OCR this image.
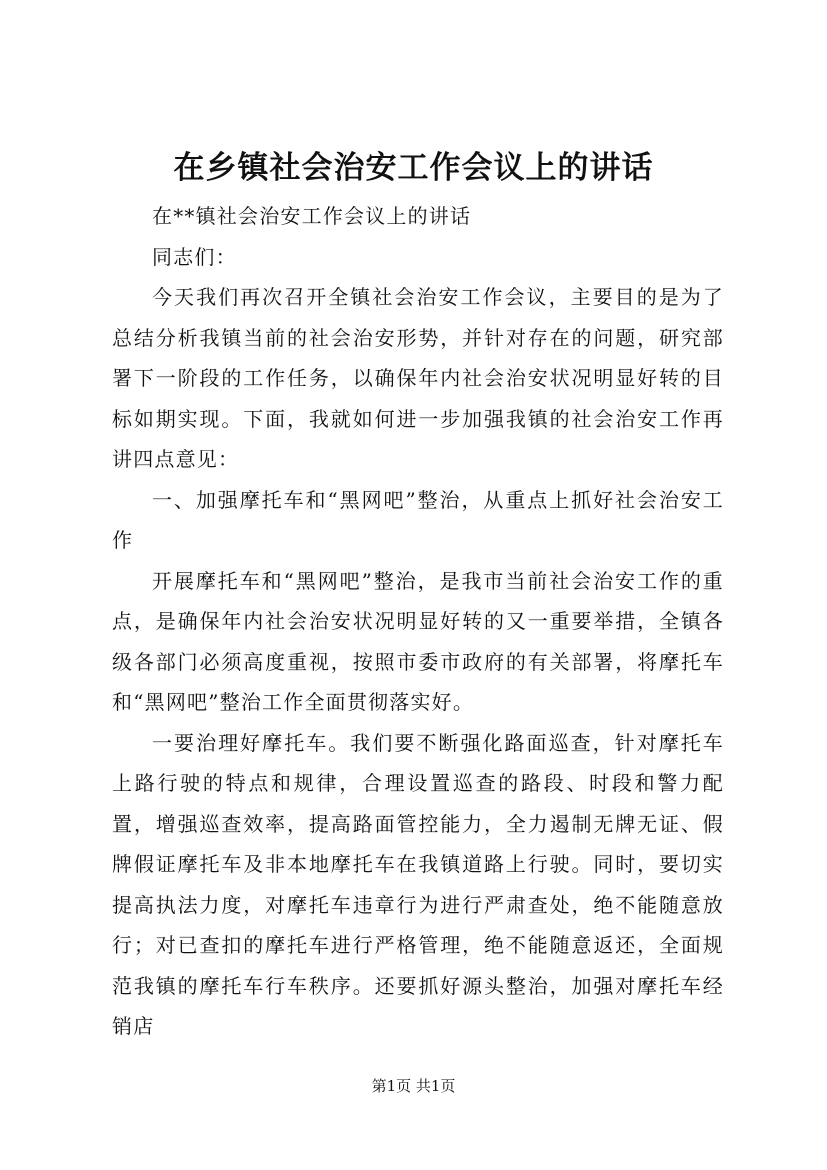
在乡镇社会治安工作会议上的讲话

在**镇社会治安工作会议上的讲话

同志们：

今天我们再次召开全镇社会治安工作会议，主要目的是为了总结分析我镇当前的社会治安形势，并针对存在的问题，研究部署下一阶段的工作任务，以确保年内社会治安状况明显好转的目标如期实现。下面，我就如何进一步加强我镇的社会治安工作再讲四点意见：

一、加强摩托车和“黑网吧”整治，从重点上抓好社会治安工作

开展摩托车和“黑网吧”整治，是我市当前社会治安工作的重点，是确保年内社会治安状况明显好转的又一重要举措，全镇各级各部门必须高度重视，按照市委市政府的有关部署，将摩托车和“黑网吧”整治工作全面贯彻落实好。

一要治理好摩托车。我们要不断强化路面巡查，针对摩托车上路行驶的特点和规律，合理设置巡查的路段、时段和警力配置，增强巡查效率，提高路面管控能力，全力遏制无牌无证、假牌假证摩托车及非本地摩托车在我镇道路上行驶。同时，要切实提高执法力度，对摩托车违章行为进行严肃查处，绝不能随意放行；对已查扣的摩托车进行严格管理，绝不能随意返还，全面规范我镇的摩托车行车秩序。还要抓好源头整治，加强对摩托车经销店

第1页 共1页
